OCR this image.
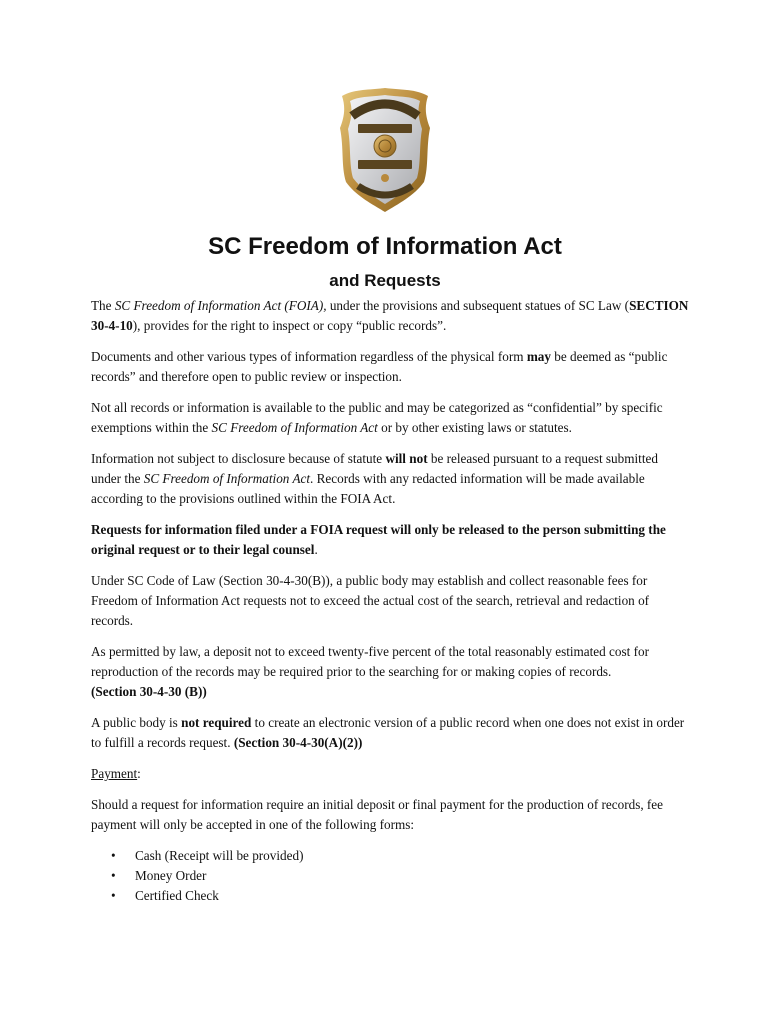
SC Freedom of Information Act
and Requests

The SC Freedom of Information Act (FOIA), under the provisions and subsequent statues of SC Law (SECTION 30-4-10), provides for the right to inspect or copy “public records”.

Documents and other various types of information regardless of the physical form may be deemed as “public records” and therefore open to public review or inspection.

Not all records or information is available to the public and may be categorized as “confidential” by specific exemptions within the SC Freedom of Information Act or by other existing laws or statutes.

Information not subject to disclosure because of statute will not be released pursuant to a request submitted under the SC Freedom of Information Act. Records with any redacted information will be made available according to the provisions outlined within the FOIA Act.

Requests for information filed under a FOIA request will only be released to the person submitting the original request or to their legal counsel.

Under SC Code of Law (Section 30-4-30(B)), a public body may establish and collect reasonable fees for Freedom of Information Act requests not to exceed the actual cost of the search, retrieval and redaction of records.

As permitted by law, a deposit not to exceed twenty-five percent of the total reasonably estimated cost for reproduction of the records may be required prior to the searching for or making copies of records.
(Section 30-4-30 (B))

A public body is not required to create an electronic version of a public record when one does not exist in order to fulfill a records request. (Section 30-4-30(A)(2))

Payment:

Should a request for information require an initial deposit or final payment for the production of records, fee payment will only be accepted in one of the following forms:

• Cash (Receipt will be provided)
• Money Order
• Certified Check
